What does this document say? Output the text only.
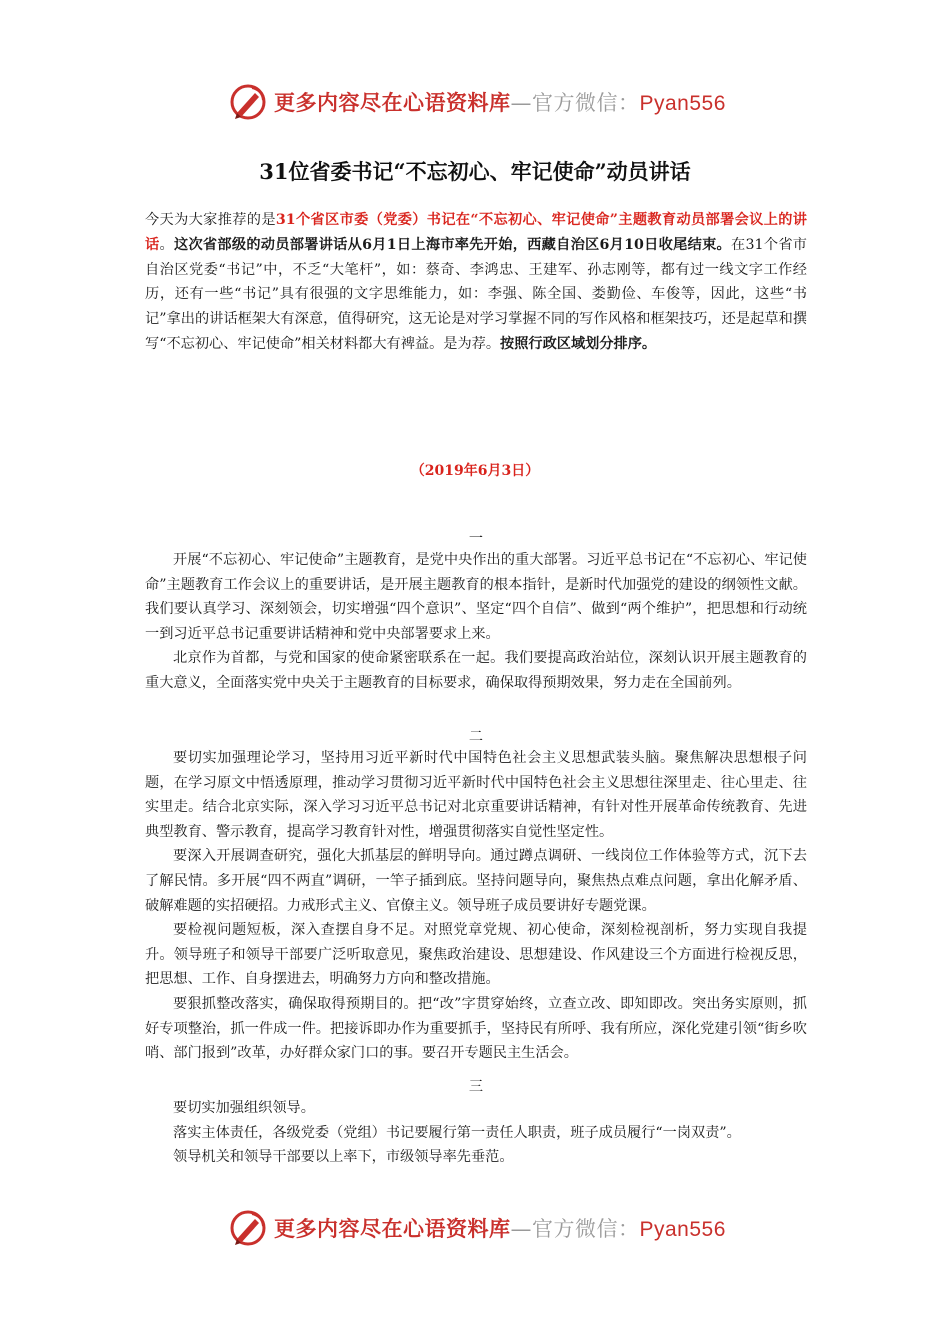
更多内容尽在心语资料库—官方微信：Pyan556
31位省委书记“不忘初心、牢记使命”动员讲话
今天为大家推荐的是31个省区市委（党委）书记在“不忘初心、牢记使命”主题教育动员部署会议上的讲话。这次省部级的动员部署讲话从6月1日上海市率先开始，西藏自治区6月10日收尾结束。在31个省市自治区党委“书记”中，不乏“大笔杆”，如：蔡奇、李鸿忠、王建军、孙志刚等，都有过一线文字工作经历，还有一些“书记”具有很强的文字思维能力，如：李强、陈全国、娄勤俭、车俊等，因此，这些“书记”拿出的讲话框架大有深意，值得研究，这无论是对学习掌握不同的写作风格和框架技巧，还是起草和撰写“不忘初心、牢记使命”相关材料都大有裨益。是为荐。按照行政区域划分排序。
（2019年6月3日）
一

开展“不忘初心、牢记使命”主题教育，是党中央作出的重大部署。习近平总书记在“不忘初心、牢记使命”主题教育工作会议上的重要讲话，是开展主题教育的根本指针，是新时代加强党的建设的纲领性文献。我们要认真学习、深刻领会，切实增强“四个意识”、坚定“四个自信”、做到“两个维护”，把思想和行动统一到习近平总书记重要讲话精神和党中央部署要求上来。

北京作为首都，与党和国家的使命紧密联系在一起。我们要提高政治站位，深刻认识开展主题教育的重大意义，全面落实党中央关于主题教育的目标要求，确保取得预期效果，努力走在全国前列。

二

要切实加强理论学习，坚持用习近平新时代中国特色社会主义思想武装头脑。聚焦解决思想根子问题，在学习原文中悟透原理，推动学习贯彻习近平新时代中国特色社会主义思想往深里走、往心里走、往实里走。结合北京实际，深入学习习近平总书记对北京重要讲话精神，有针对性开展革命传统教育、先进典型教育、警示教育，提高学习教育针对性，增强贯彻落实自觉性坚定性。

要深入开展调查研究，强化大抓基层的鲜明导向。通过蹲点调研、一线岗位工作体验等方式，沉下去了解民情。多开展“四不两直”调研，一竿子插到底。坚持问题导向，聚焦热点难点问题，拿出化解矛盾、破解难题的实招硬招。力戒形式主义、官僚主义。领导班子成员要讲好专题党课。

要检视问题短板，深入查摆自身不足。对照党章党规、初心使命，深刻检视剖析，努力实现自我提升。领导班子和领导干部要广泛听取意见，聚焦政治建设、思想建设、作风建设三个方面进行检视反思，把思想、工作、自身摆进去，明确努力方向和整改措施。

要狠抓整改落实，确保取得预期目的。把“改”字贯穿始终，立查立改、即知即改。突出务实原则，抓好专项整治，抓一件成一件。把接诉即办作为重要抓手，坚持民有所呼、我有所应，深化党建引领“街乡吹哨、部门报到”改革，办好群众家门口的事。要召开专题民主生活会。

三

要切实加强组织领导。

落实主体责任，各级党委（党组）书记要履行第一责任人职责，班子成员履行“一岗双责”。

领导机关和领导干部要以上率下，市级领导率先垂范。

更多内容尽在心语资料库—官方微信：Pyan556
